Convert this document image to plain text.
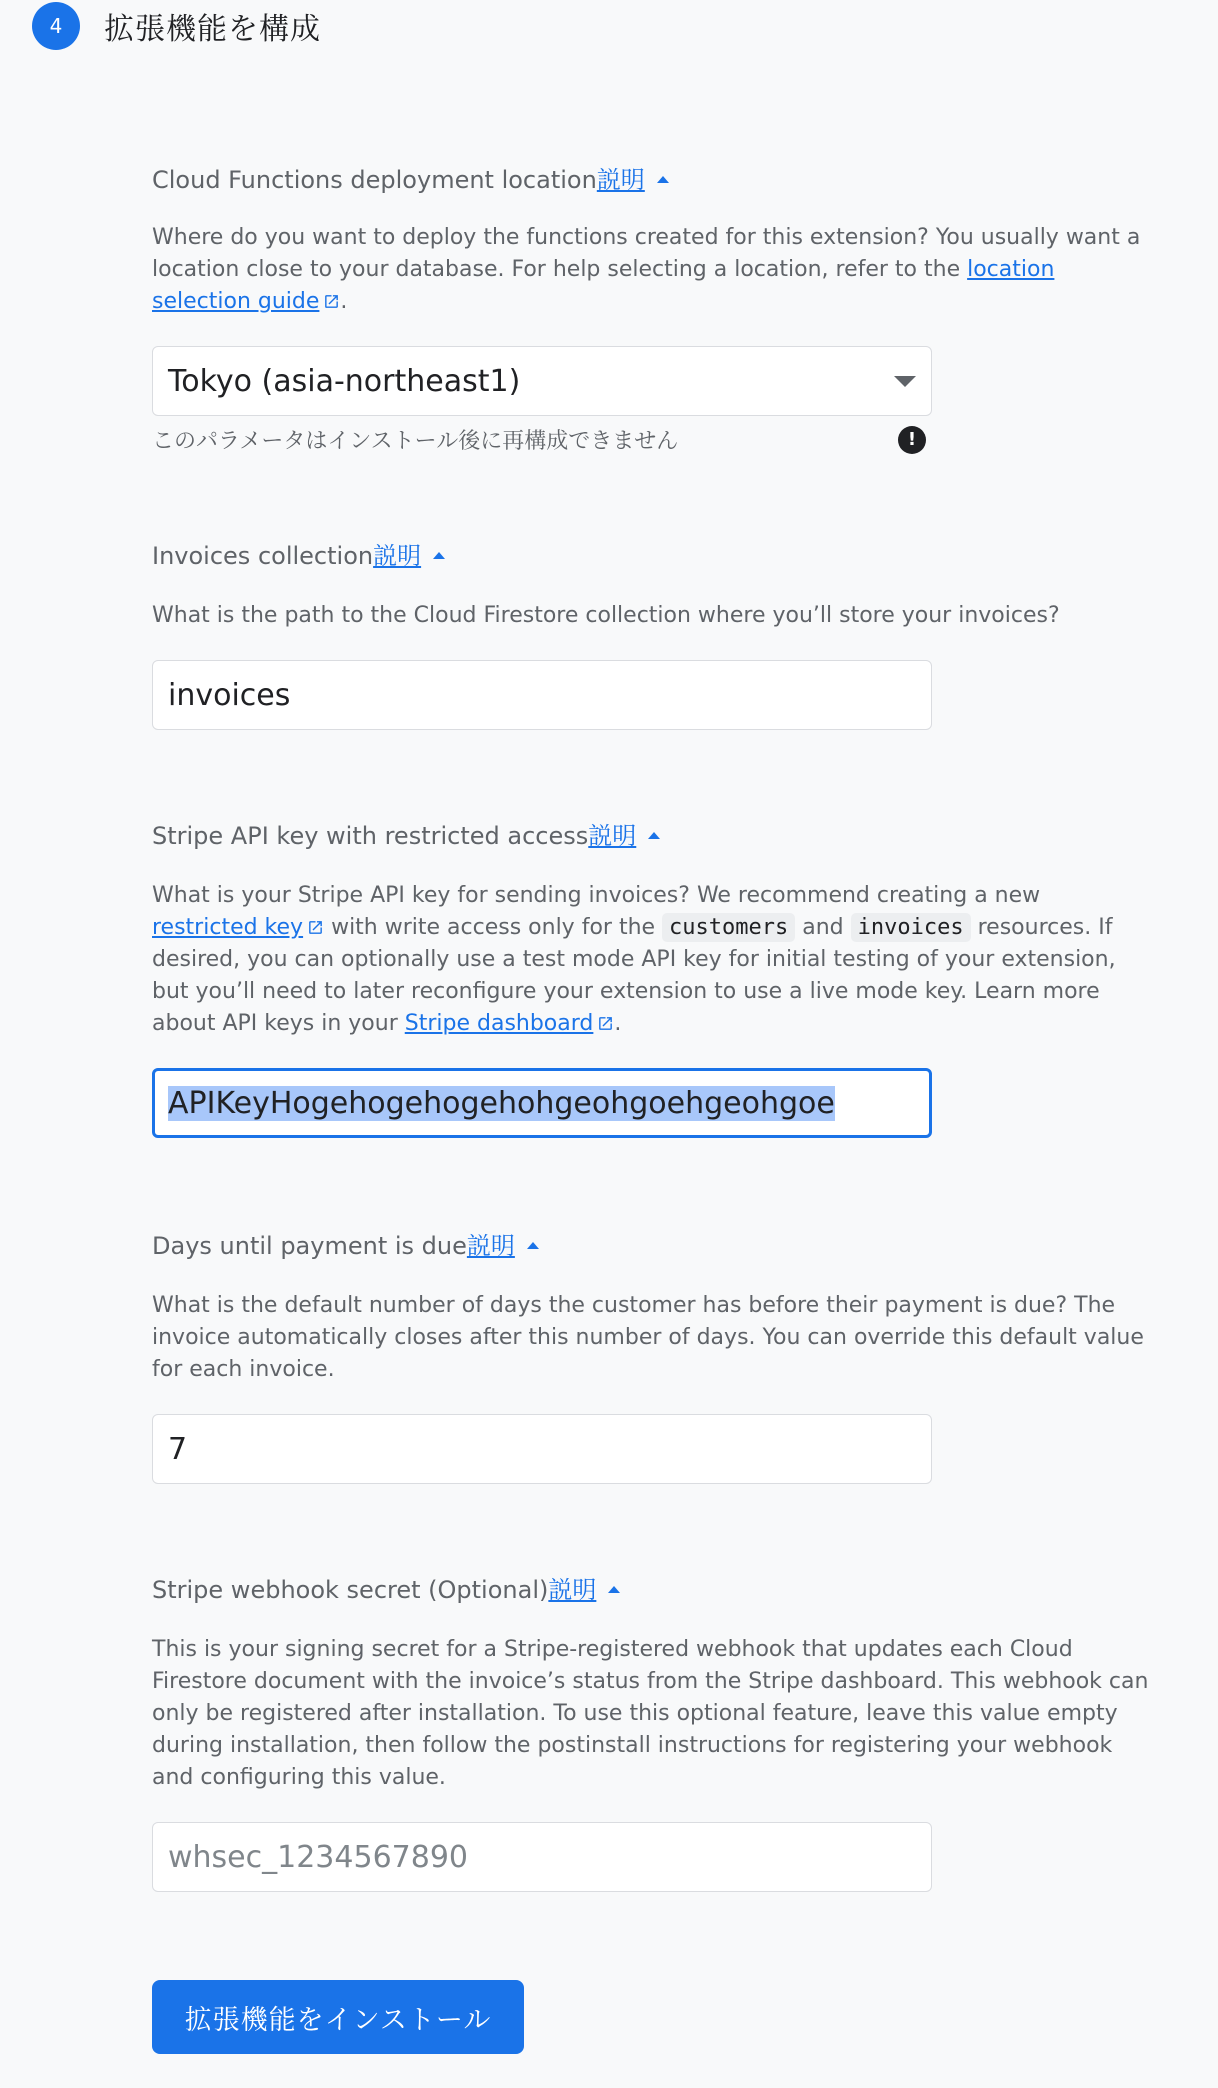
4	拡張機能を構成
Cloud Functions deployment location説明
Where do you want to deploy the functions created for this extension? You usually want a location close to your database. For help selecting a location, refer to the location selection guide .
Tokyo (asia-northeast1)
このパラメータはインストール後に再構成できません	!
Invoices collection説明
What is the path to the Cloud Firestore collection where you’ll store your invoices?
invoices
Stripe API key with restricted access説明
What is your Stripe API key for sending invoices? We recommend creating a new restricted key with write access only for the customers and invoices resources. If desired, you can optionally use a test mode API key for initial testing of your extension, but you’ll need to later reconfigure your extension to use a live mode key. Learn more about API keys in your Stripe dashboard .
APIKeyHogehogehogehohgeohgoehgeohgoe
Days until payment is due説明
What is the default number of days the customer has before their payment is due? The invoice automatically closes after this number of days. You can override this default value for each invoice.
7
Stripe webhook secret (Optional)説明
This is your signing secret for a Stripe-registered webhook that updates each Cloud Firestore document with the invoice’s status from the Stripe dashboard. This webhook can only be registered after installation. To use this optional feature, leave this value empty during installation, then follow the postinstall instructions for registering your webhook and configuring this value.
whsec_1234567890
拡張機能をインストール
